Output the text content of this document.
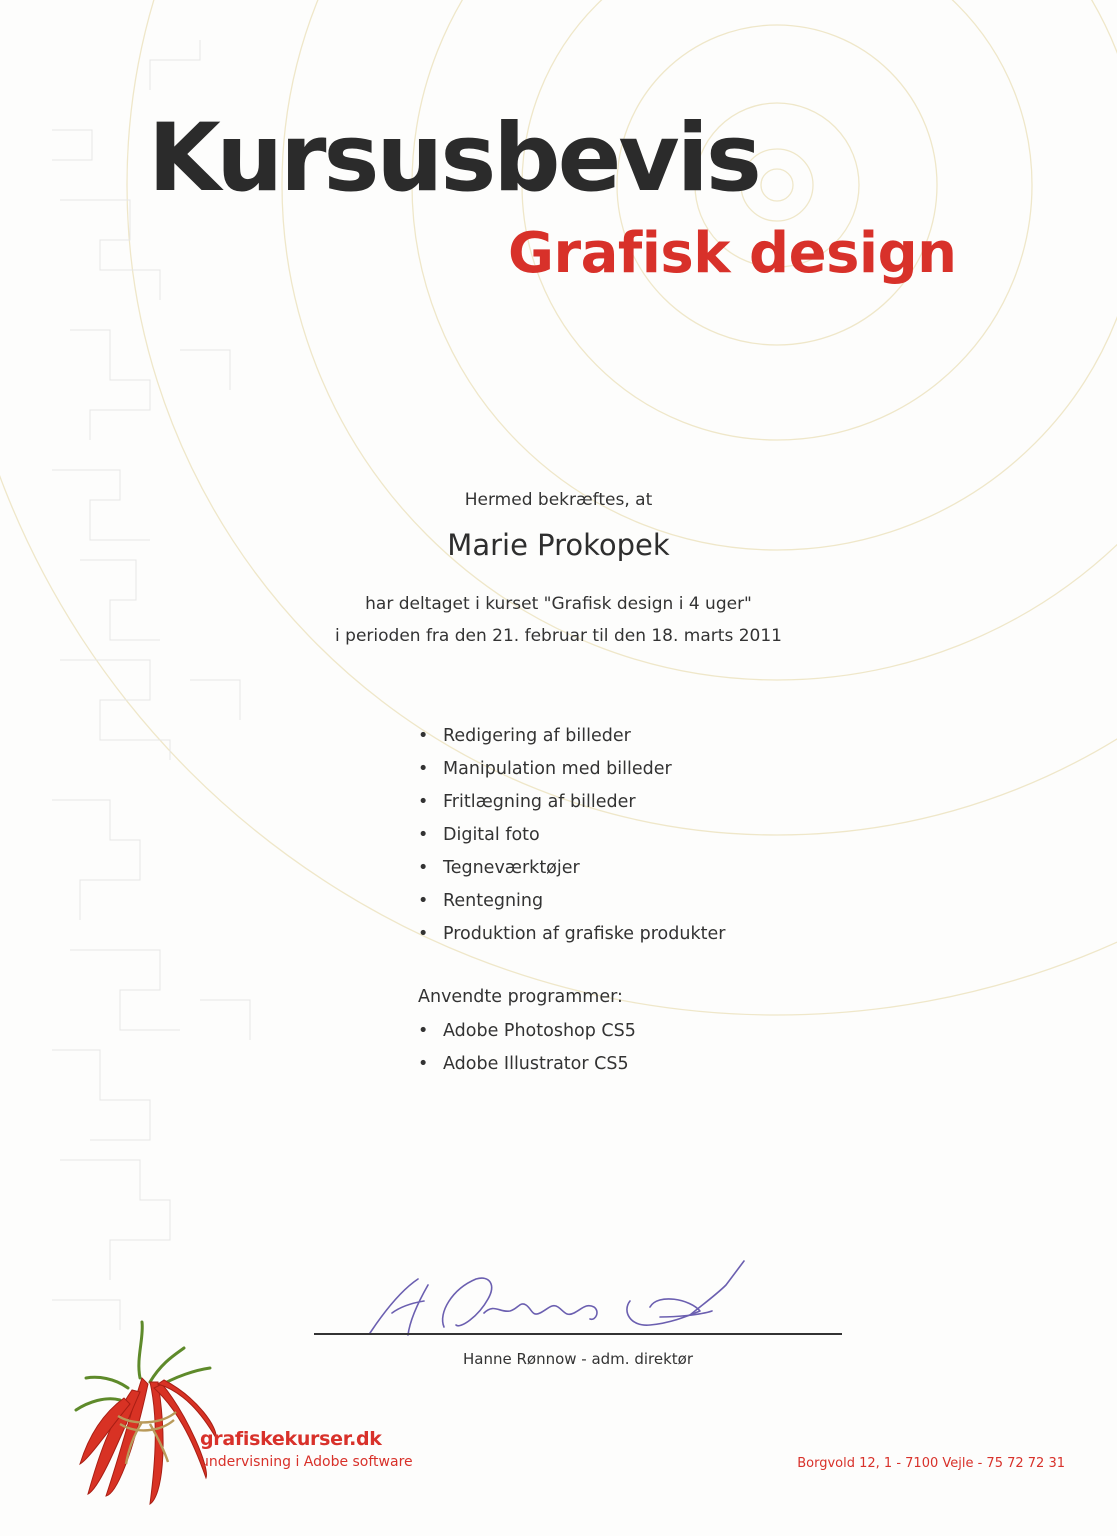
Kursusbevis
Grafisk design
Hermed bekræftes, at
Marie Prokopek
har deltaget i kurset "Grafisk design i 4 uger"
i perioden fra den 21. februar til den 18. marts 2011
• Redigering af billeder
• Manipulation med billeder
• Fritlægning af billeder
• Digital foto
• Tegneværktøjer
• Rentegning
• Produktion af grafiske produkter
Anvendte programmer:
• Adobe Photoshop CS5
• Adobe Illustrator CS5
Hanne Rønnow - adm. direktør
grafiskekurser.dk
undervisning i Adobe software	Borgvold 12, 1 - 7100 Vejle - 75 72 72 31
